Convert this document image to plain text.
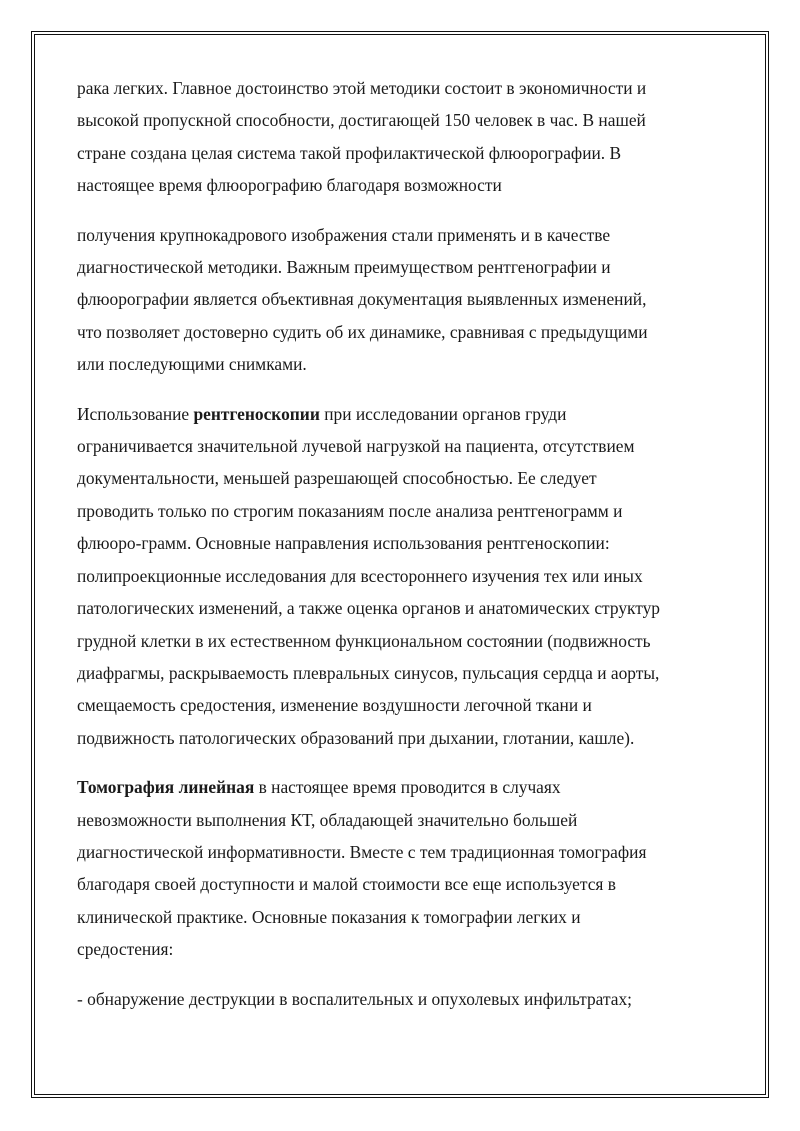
рака легких. Главное достоинство этой методики состоит в экономичности и
высокой пропускной способности, достигающей 150 человек в час. В нашей
стране создана целая система такой профилактической флюорографии. В
настоящее время флюорографию благодаря возможности
получения крупнокадрового изображения стали применять и в качестве
диагностической методики. Важным преимуществом рентгенографии и
флюорографии является объективная документация выявленных изменений,
что позволяет достоверно судить об их динамике, сравнивая с предыдущими
или последующими снимками.
Использование рентгеноскопии при исследовании органов груди
ограничивается значительной лучевой нагрузкой на пациента, отсутствием
документальности, меньшей разрешающей способностью. Ее следует
проводить только по строгим показаниям после анализа рентгенограмм и
флюоро-грамм. Основные направления использования рентгеноскопии:
полипроекционные исследования для всестороннего изучения тех или иных
патологических изменений, а также оценка органов и анатомических структур
грудной клетки в их естественном функциональном состоянии (подвижность
диафрагмы, раскрываемость плевральных синусов, пульсация сердца и аорты,
смещаемость средостения, изменение воздушности легочной ткани и
подвижность патологических образований при дыхании, глотании, кашле).
Томография линейная в настоящее время проводится в случаях
невозможности выполнения КТ, обладающей значительно большей
диагностической информативности. Вместе с тем традиционная томография
благодаря своей доступности и малой стоимости все еще используется в
клинической практике. Основные показания к томографии легких и
средостения:
- обнаружение деструкции в воспалительных и опухолевых инфильтратах;
